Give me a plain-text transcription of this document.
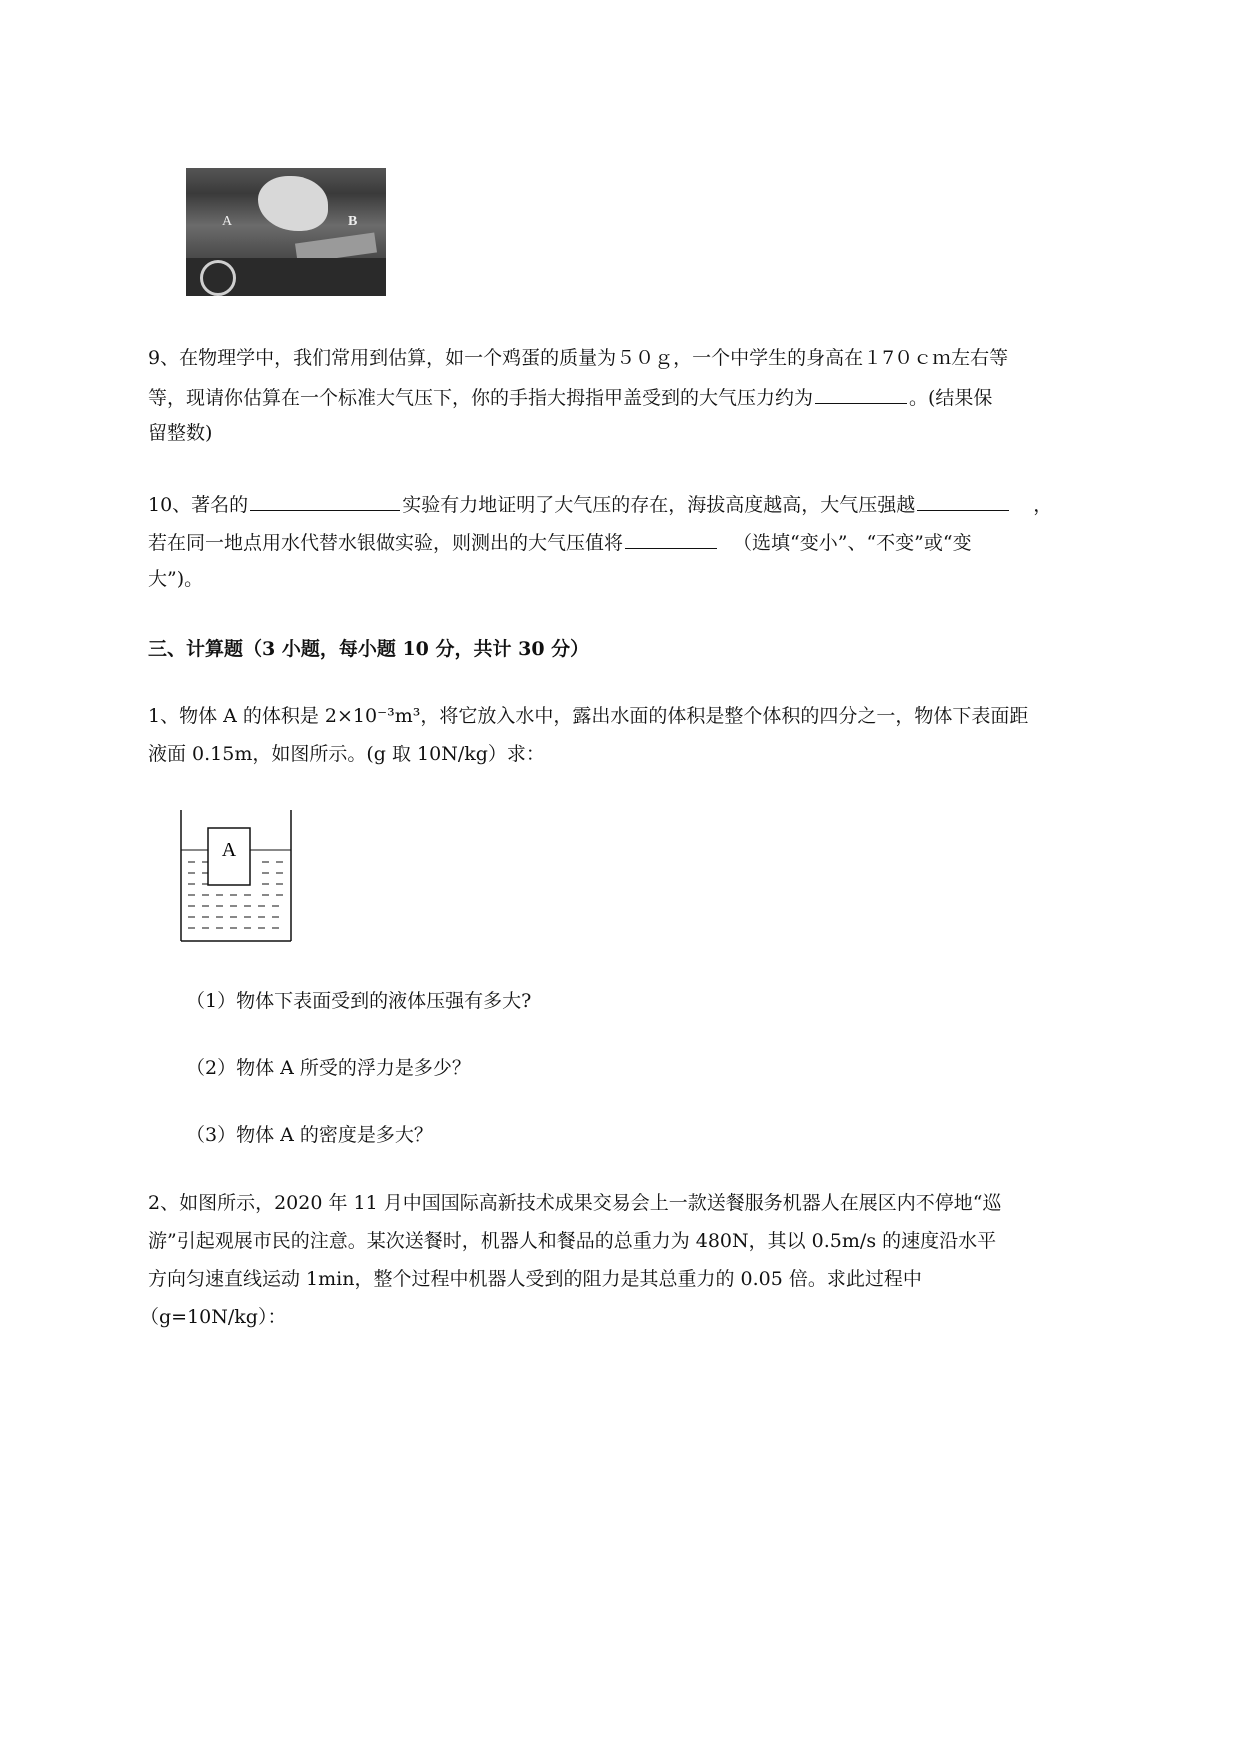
A	B
9、在物理学中，我们常用到估算，如一个鸡蛋的质量为５０ｇ，一个中学生的身高在１7０ｃｍ左右等
等，现请你估算在一个标准大气压下，你的手指大拇指甲盖受到的大气压力约为	。(结果保
留整数)
10、著名的	实验有力地证明了大气压的存在，海拔高度越高，大气压强越	，
若在同一地点用水代替水银做实验，则测出的大气压值将	（选填“变小”、“不变”或“变
大”)。
三、计算题（3 小题，每小题 10 分，共计 30 分）
1、物体 A 的体积是 2×10⁻³m³，将它放入水中，露出水面的体积是整个体积的四分之一，物体下表面距
液面 0.15m，如图所示。(g 取 10N/kg）求：
A
（1）物体下表面受到的液体压强有多大?
（2）物体 A 所受的浮力是多少？
（3）物体 A 的密度是多大？
2、如图所示，2020 年 11 月中国国际高新技术成果交易会上一款送餐服务机器人在展区内不停地“巡
游”引起观展市民的注意。某次送餐时，机器人和餐品的总重力为 480N，其以 0.5m/s 的速度沿水平
方向匀速直线运动 1min，整个过程中机器人受到的阻力是其总重力的 0.05 倍。求此过程中
（g=10N/kg）：
